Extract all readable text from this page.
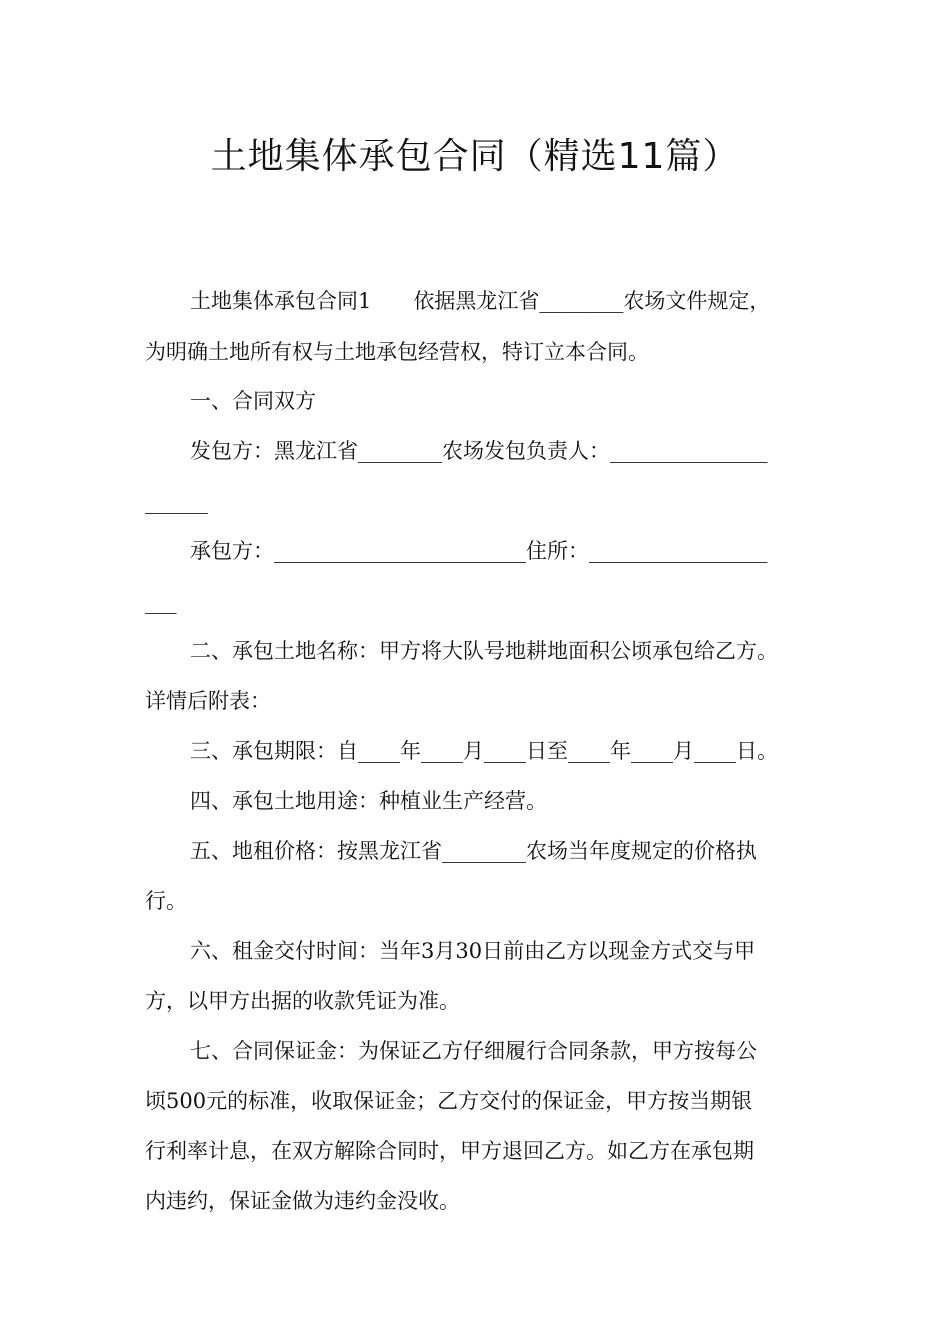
土地集体承包合同（精选11篇）
土地集体承包合同1　　依据黑龙江省________农场文件规定，
为明确土地所有权与土地承包经营权，特订立本合同。
一、合同双方
发包方：黑龙江省________农场发包负责人：_______________
______
承包方：________________________住所：_________________
___
二、承包土地名称：甲方将大队号地耕地面积公顷承包给乙方。
详情后附表：
三、承包期限：自____年____月____日至____年____月____日。
四、承包土地用途：种植业生产经营。
五、地租价格：按黑龙江省________农场当年度规定的价格执
行。
六、租金交付时间：当年3月30日前由乙方以现金方式交与甲
方，以甲方出据的收款凭证为准。
七、合同保证金：为保证乙方仔细履行合同条款，甲方按每公
顷500元的标准，收取保证金；乙方交付的保证金，甲方按当期银
行利率计息，在双方解除合同时，甲方退回乙方。如乙方在承包期
内违约，保证金做为违约金没收。
